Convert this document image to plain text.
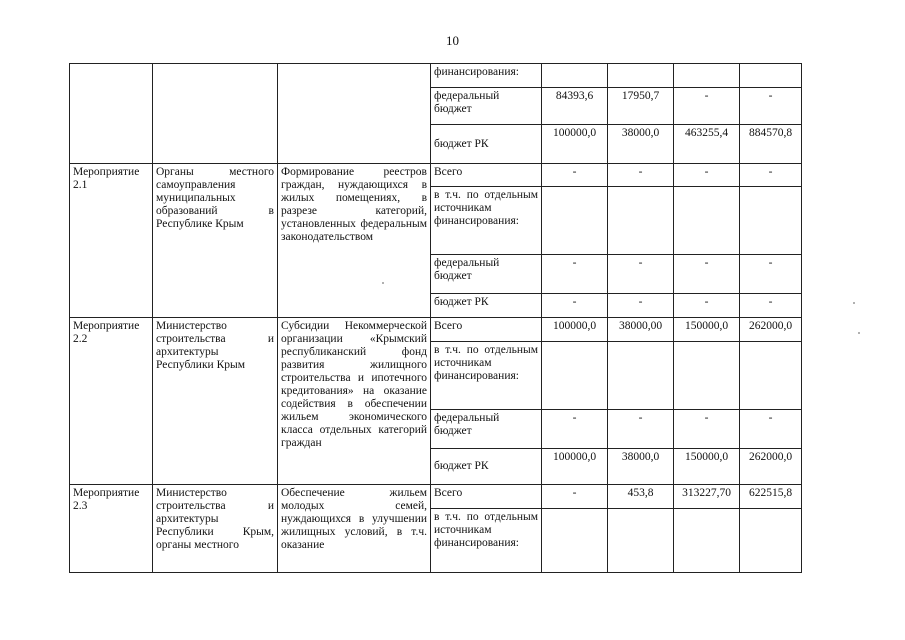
10
			финансирования:				
			федеральный бюджет	84393,6	17950,7	-	-
			бюджет РК	100000,0	38000,0	463255,4	884570,8
Мероприятие 2.1	Органы местного самоуправления муниципальных образований в Республике Крым	Формирование реестров граждан, нуждающихся в жилых помещениях, в разрезе категорий, установленных федеральным законодательством	Всего	-	-	-	-
			в т.ч. по отдельным источникам финансирования:				
			федеральный бюджет	-	-	-	-
			бюджет РК	-	-	-	-
Мероприятие 2.2	Министерство строительства и архитектуры Республики Крым	Субсидии Некоммерческой организации «Крымский республиканский фонд развития жилищного строительства и ипотечного кредитования» на оказание содействия в обеспечении жильем экономического класса отдельных категорий граждан	Всего	100000,0	38000,00	150000,0	262000,0
			в т.ч. по отдельным источникам финансирования:				
			федеральный бюджет	-	-	-	-
			бюджет РК	100000,0	38000,0	150000,0	262000,0
Мероприятие 2.3	Министерство строительства и архитектуры Республики Крым, органы местного	Обеспечение жильем молодых семей, нуждающихся в улучшении жилищных условий, в т.ч. оказание	Всего	-	453,8	313227,70	622515,8
			в т.ч. по отдельным источникам финансирования:				
